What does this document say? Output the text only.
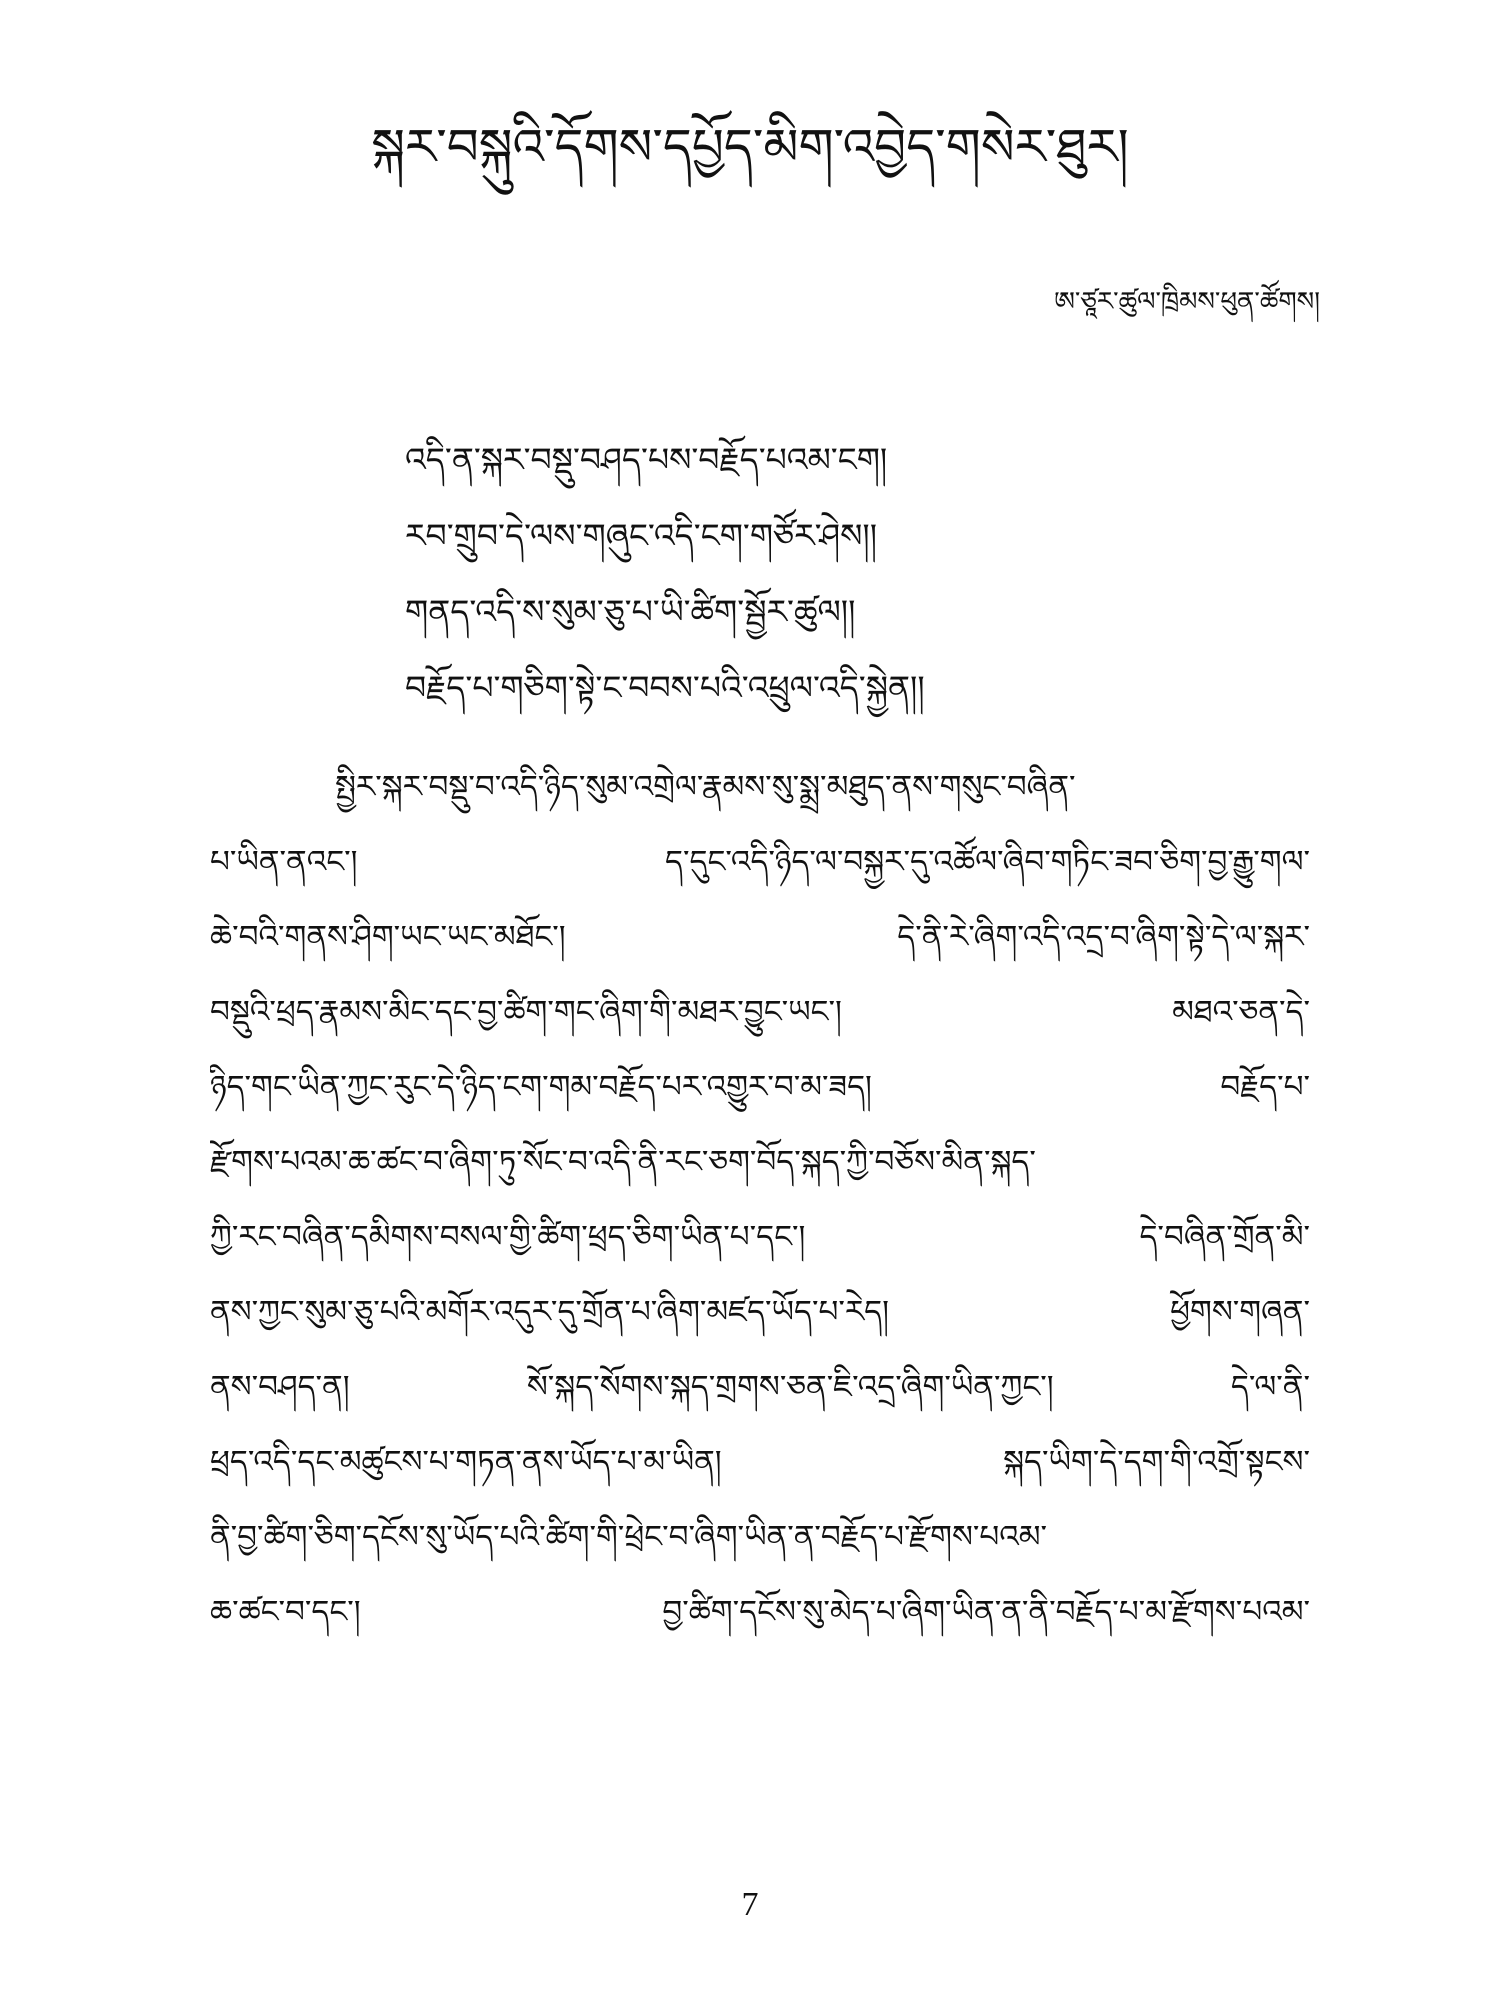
སྐར་བསྐུའི་དོགས་དཔྱོད་མིག་འབྱེད་གསེར་ཐུར།
ཨ་ཙཱར་ཚུལ་ཁྲིམས་ཕུན་ཚོགས།
འདི་ན་སྐར་བསྡུ་བཤད་པས་བརྗོད་པའམ་ངག།
རབ་གྲུབ་དེ་ལས་གཞུང་འདི་ངག་གཙོར་ཤེས།།
གནད་འདི་ས་སུམ་ཅུ་པ་ཡི་ཚིག་སྦྱོར་ཚུལ།།
བརྗོད་པ་གཅིག་སྟེ་ང་བབས་པའི་འཕྲུལ་འདི་སྐྱེན།།
སྤྱིར་སྐར་བསྡུ་བ་འདི་ཉིད་སུམ་འགྲེལ་རྣམས་སུ་སྨྲ་མཐུད་ནས་གསུང་བཞིན་
པ་ཡིན་ནའང་། ད་དུང་འདི་ཉིད་ལ་བསྐྱར་དུ་འཚོལ་ཞིབ་གཏིང་ཟབ་ཅིག་བྱ་རྒྱུ་གལ་
ཆེ་བའི་གནས་ཤིག་ཡང་ཡང་མཐོང་། དེ་ནི་རེ་ཞིག་འདི་འདྲ་བ་ཞིག་སྟེ་དེ་ལ་སྐར་
བསྡུའི་ཕྲད་རྣམས་མིང་དང་བྱ་ཚིག་གང་ཞིག་གི་མཐར་བྱུང་ཡང་། མཐའ་ཅན་དེ་
ཉིད་གང་ཡིན་ཀྱང་རུང་དེ་ཉིད་ངག་གམ་བརྗོད་པར་འགྱུར་བ་མ་ཟད། བརྗོད་པ་
རྫོགས་པའམ་ཆ་ཚང་བ་ཞིག་ཏུ་སོང་བ་འདི་ནི་རང་ཅག་བོད་སྐད་ཀྱི་བཅོས་མིན་སྐད་
ཀྱི་རང་བཞིན་དམིགས་བསལ་གྱི་ཚིག་ཕྲད་ཅིག་ཡིན་པ་དང་། དེ་བཞིན་གྲོན་མི་
ནས་ཀྱང་སུམ་ཅུ་པའི་མགོར་འདུར་དུ་གྲོན་པ་ཞིག་མཛད་ཡོད་པ་རེད། ཕྱོགས་གཞན་
ནས་བཤད་ན། སོ་སྐད་སོགས་སྐད་གྲགས་ཅན་ཇི་འདྲ་ཞིག་ཡིན་ཀྱང་། དེ་ལ་ནི་
ཕྲད་འདི་དང་མཚུངས་པ་གཏན་ནས་ཡོད་པ་མ་ཡིན། སྐད་ཡིག་དེ་དག་གི་འགྲོ་སྟངས་
ནི་བྱ་ཚིག་ཅིག་དངོས་སུ་ཡོད་པའི་ཚིག་གི་ཕྲེང་བ་ཞིག་ཡིན་ན་བརྗོད་པ་རྫོགས་པའམ་
ཆ་ཚང་བ་དང་། བྱ་ཚིག་དངོས་སུ་མེད་པ་ཞིག་ཡིན་ན་ནི་བརྗོད་པ་མ་རྫོགས་པའམ་
7
